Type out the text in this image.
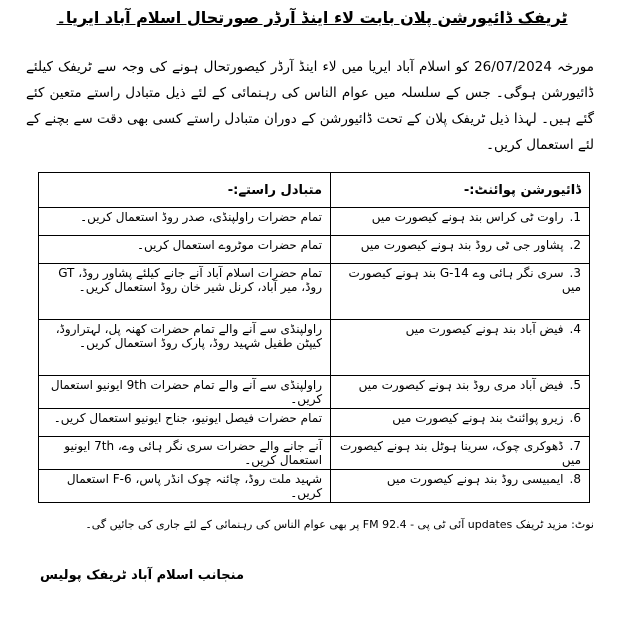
ٹریفک ڈائیورشن پلان بابت لاء اینڈ آرڈر صورتحال اسلام آباد ایریا۔
مورخہ 26/07/2024 کو اسلام آباد ایریا میں لاء اینڈ آرڈر کیصورتحال ہونے کی وجہ سے ٹریفک کیلئے ڈائیورشن ہوگی۔ جس کے سلسلہ میں عوام الناس کی رہنمائی کے لئے ذیل متبادل راستے متعین کئے گئے ہیں۔ لہذا ذیل ٹریفک پلان کے تحت ڈائیورشن کے دوران متبادل راستے کسی بھی دقت سے بچنے کے لئے استعمال کریں۔
ڈائیورشن پوائنٹ:-	متبادل راستے:-
1.راوت ٹی کراس بند ہونے کیصورت میں	تمام حضرات راولپنڈی، صدر روڈ استعمال کریں۔
2.پشاور جی ٹی روڈ بند ہونے کیصورت میں	تمام حضرات موٹروے استعمال کریں۔
3.سری نگر ہائی وے G-14 بند ہونے کیصورت میں	تمام حضرات اسلام آباد آنے جانے کیلئے پشاور روڈ، GT روڈ، میر آباد، کرنل شیر خان روڈ استعمال کریں۔
4.فیض آباد بند ہونے کیصورت میں	راولپنڈی سے آنے والے تمام حضرات کھنہ پل، لہتراروڈ، کیپٹن طفیل شہید روڈ، پارک روڈ استعمال کریں۔
5.فیض آباد مری روڈ بند ہونے کیصورت میں	راولپنڈی سے آنے والے تمام حضرات 9th ایونیو استعمال کریں۔
6.زیرو پوائنٹ بند ہونے کیصورت میں	تمام حضرات فیصل ایونیو، جناح ایونیو استعمال کریں۔
7.ڈھوکری چوک، سرینا ہوٹل بند ہونے کیصورت میں	آنے جانے والے حضرات سری نگر ہائی وے، 7th ایونیو استعمال کریں۔
8.ایمبیسی روڈ بند ہونے کیصورت میں	شہید ملت روڈ، چائنہ چوک انڈر پاس، F-6 استعمال کریں۔
نوٹ: مزید ٹریفک updates آئی ٹی پی - FM 92.4 پر بھی عوام الناس کی رہنمائی کے لئے جاری کی جائیں گی۔
منجانب اسلام آباد ٹریفک پولیس
